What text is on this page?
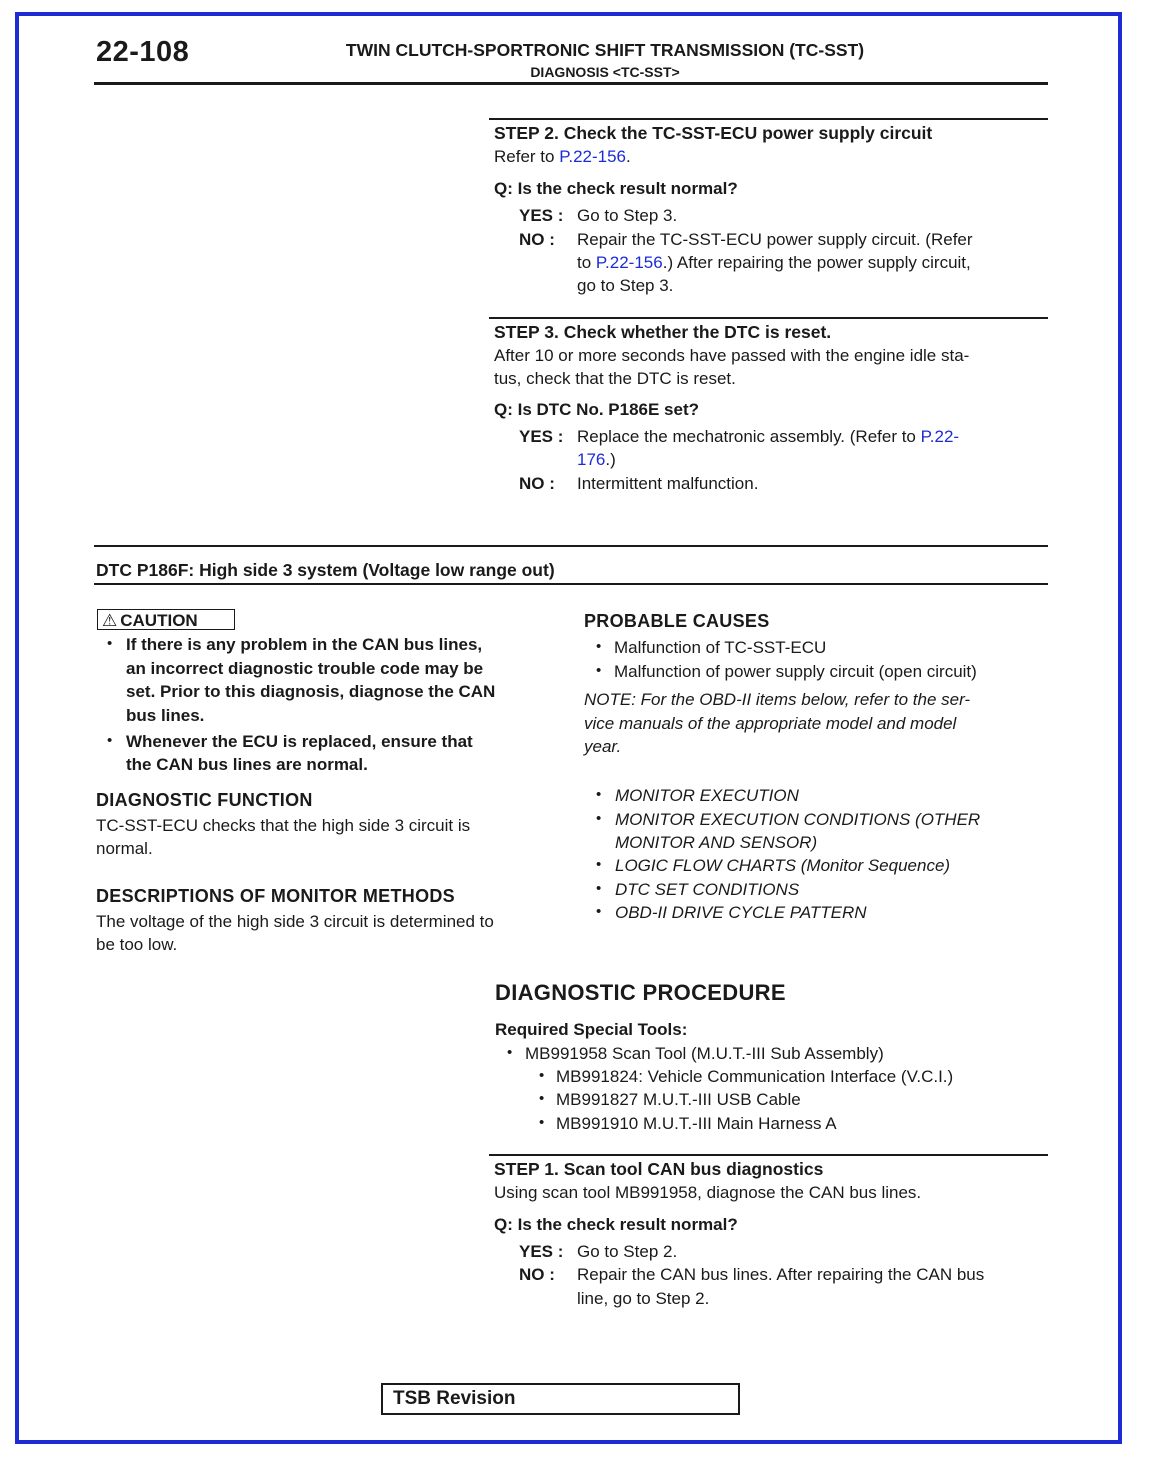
22-108	TWIN CLUTCH-SPORTRONIC SHIFT TRANSMISSION (TC-SST)
DIAGNOSIS <TC-SST>
STEP 2. Check the TC-SST-ECU power supply circuit
Refer to P.22-156.
Q: Is the check result normal?
YES : Go to Step 3.
NO : Repair the TC-SST-ECU power supply circuit. (Refer
to P.22-156.) After repairing the power supply circuit,
go to Step 3.
STEP 3. Check whether the DTC is reset.
After 10 or more seconds have passed with the engine idle sta-
tus, check that the DTC is reset.
Q: Is DTC No. P186E set?
YES : Replace the mechatronic assembly. (Refer to P.22-
176.)
NO : Intermittent malfunction.
DTC P186F: High side 3 system (Voltage low range out)
⚠ CAUTION
• If there is any problem in the CAN bus lines,
an incorrect diagnostic trouble code may be
set. Prior to this diagnosis, diagnose the CAN
bus lines.
• Whenever the ECU is replaced, ensure that
the CAN bus lines are normal.
DIAGNOSTIC FUNCTION
TC-SST-ECU checks that the high side 3 circuit is
normal.
DESCRIPTIONS OF MONITOR METHODS
The voltage of the high side 3 circuit is determined to
be too low.
PROBABLE CAUSES
• Malfunction of TC-SST-ECU
• Malfunction of power supply circuit (open circuit)
NOTE: For the OBD-II items below, refer to the ser-
vice manuals of the appropriate model and model
year.
• MONITOR EXECUTION
• MONITOR EXECUTION CONDITIONS (OTHER
MONITOR AND SENSOR)
• LOGIC FLOW CHARTS (Monitor Sequence)
• DTC SET CONDITIONS
• OBD-II DRIVE CYCLE PATTERN
DIAGNOSTIC PROCEDURE
Required Special Tools:
• MB991958 Scan Tool (M.U.T.-III Sub Assembly)
• MB991824: Vehicle Communication Interface (V.C.I.)
• MB991827 M.U.T.-III USB Cable
• MB991910 M.U.T.-III Main Harness A
STEP 1. Scan tool CAN bus diagnostics
Using scan tool MB991958, diagnose the CAN bus lines.
Q: Is the check result normal?
YES : Go to Step 2.
NO : Repair the CAN bus lines. After repairing the CAN bus
line, go to Step 2.
TSB Revision
